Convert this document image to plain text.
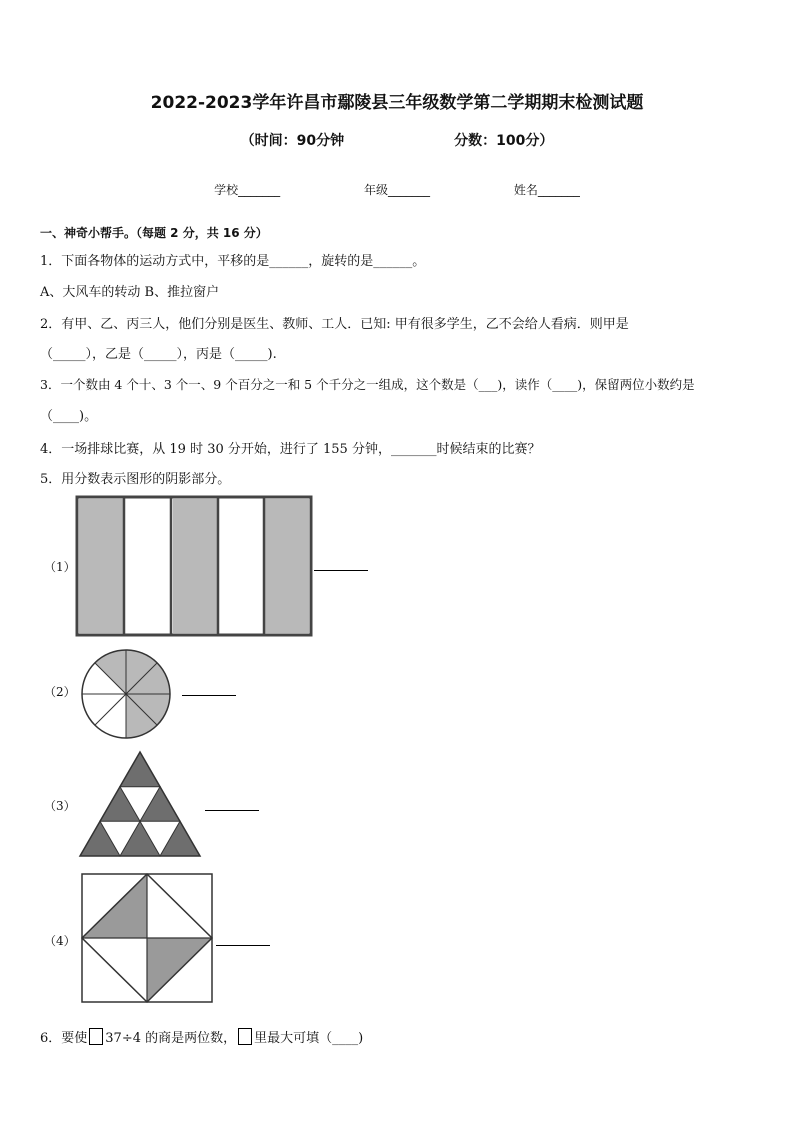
2022-2023学年许昌市鄢陵县三年级数学第二学期期末检测试题
（时间：90分钟	分数：100分）
学校_______	年级_______	姓名_______
一、神奇小帮手。（每题 2 分，共 16 分）
1．下面各物体的运动方式中，平移的是______，旋转的是______。
A、大风车的转动 B、推拉窗户
2．有甲、乙、丙三人，他们分别是医生、教师、工人．已知: 甲有很多学生，乙不会给人看病．则甲是
（_____），乙是（_____），丙是（_____).
3．一个数由 4 个十、3 个一、9 个百分之一和 5 个千分之一组成，这个数是（___)，读作（____)，保留两位小数约是
（____)。
4．一场排球比赛，从 19 时 30 分开始，进行了 155 分钟，_______时候结束的比赛？
5．用分数表示图形的阴影部分。
（1）
（2）
（3）
（4）
6．要使 37÷4 的商是两位数， 里最大可填（____)
